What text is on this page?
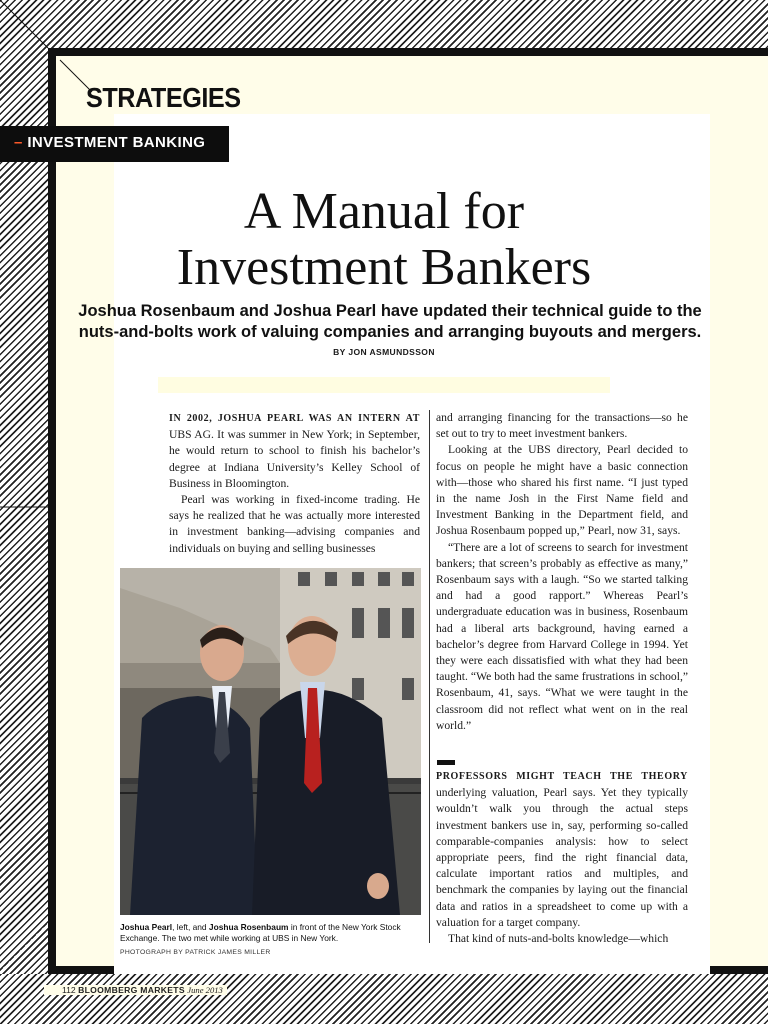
STRATEGIES
– INVESTMENT BANKING
A Manual for
Investment Bankers

Joshua Rosenbaum and Joshua Pearl have updated their technical guide to the nuts-and-bolts work of valuing companies and arranging buyouts and mergers.

BY JON ASMUNDSSON

IN 2002, JOSHUA PEARL WAS AN INTERN AT UBS AG. It was summer in New York; in September, he would return to school to finish his bachelor’s degree at Indiana University’s Kelley School of Business in Bloomington.

Pearl was working in fixed-income trading. He says he realized that he was actually more interested in investment banking—advising companies and individuals on buying and selling businesses

Joshua Pearl, left, and Joshua Rosenbaum in front of the New York Stock Exchange. The two met while working at UBS in New York.

PHOTOGRAPH BY PATRICK JAMES MILLER

and arranging financing for the transactions—so he set out to try to meet investment bankers.

Looking at the UBS directory, Pearl decided to focus on people he might have a basic connection with—those who shared his first name. “I just typed in the name Josh in the First Name field and Investment Banking in the Department field, and Joshua Rosenbaum popped up,” Pearl, now 31, says.

“There are a lot of screens to search for investment bankers; that screen’s probably as effective as many,” Rosenbaum says with a laugh. “So we started talking and had a good rapport.” Whereas Pearl’s undergraduate education was in business, Rosenbaum had a liberal arts background, having earned a bachelor’s degree from Harvard College in 1994. Yet they were each dissatisfied with what they had been taught. “We both had the same frustrations in school,” Rosenbaum, 41, says. “What we were taught in the classroom did not reflect what went on in the real world.”

PROFESSORS MIGHT TEACH THE THEORY underlying valuation, Pearl says. Yet they typically wouldn’t walk you through the actual steps investment bankers use in, say, performing so-called comparable-companies analysis: how to select appropriate peers, find the right financial data, calculate important ratios and multiples, and benchmark the companies by laying out the financial data and ratios in a spreadsheet to come up with a valuation for a target company.

That kind of nuts-and-bolts knowledge—which

112 BLOOMBERG MARKETS June 2013
